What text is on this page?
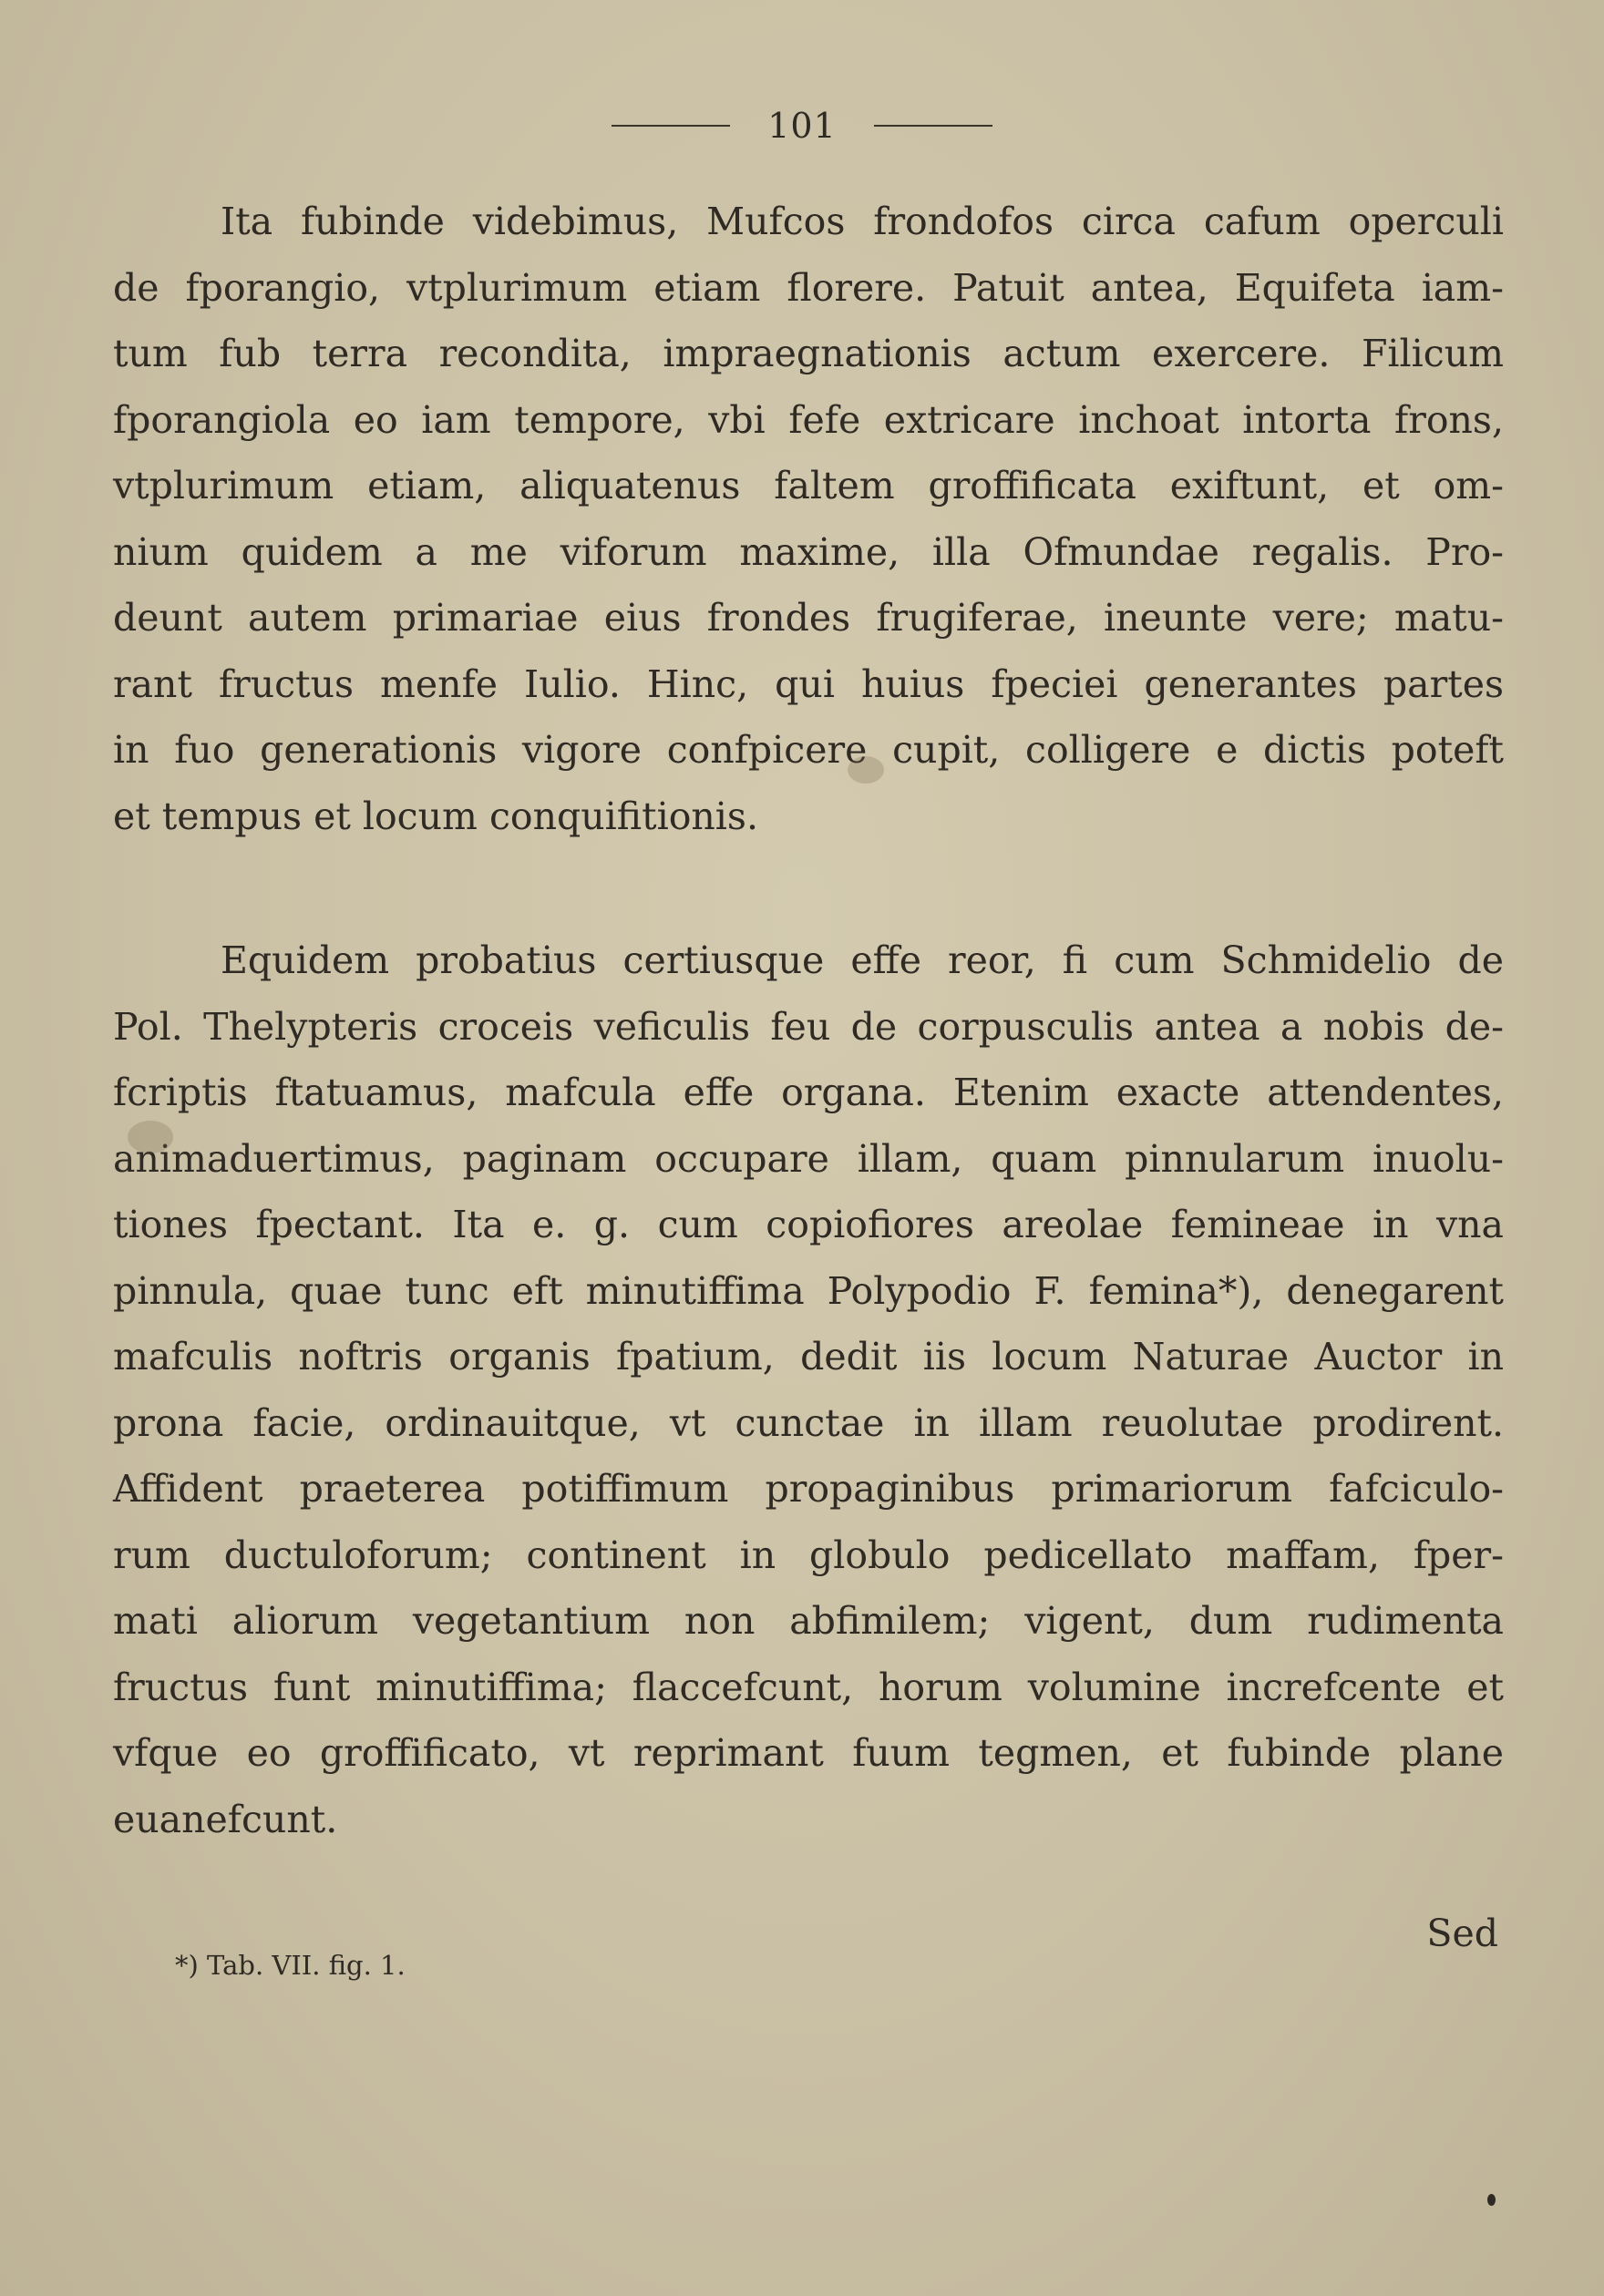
101
Ita fubinde videbimus, Mufcos frondofos circa cafum operculi
de fporangio, vtplurimum etiam florere. Patuit antea, Equifeta iam-
tum fub terra recondita, impraegnationis actum exercere. Filicum
fporangiola eo iam tempore, vbi fefe extricare inchoat intorta frons,
vtplurimum etiam, aliquatenus faltem groffificata exiftunt, et om-
nium quidem a me viforum maxime, illa Ofmundae regalis. Pro-
deunt autem primariae eius frondes frugiferae, ineunte vere; matu-
rant fructus menfe Iulio. Hinc, qui huius fpeciei generantes partes
in fuo generationis vigore confpicere cupit, colligere e dictis poteft
et tempus et locum conquifitionis.
Equidem probatius certiusque effe reor, fi cum Schmidelio de
Pol. Thelypteris croceis veficulis feu de corpusculis antea a nobis de-
fcriptis ftatuamus, mafcula effe organa. Etenim exacte attendentes,
animaduertimus, paginam occupare illam, quam pinnularum inuolu-
tiones fpectant. Ita e. g. cum copiofiores areolae femineae in vna
pinnula, quae tunc eft minutiffima Polypodio F. femina*), denegarent
mafculis noftris organis fpatium, dedit iis locum Naturae Auctor in
prona facie, ordinauitque, vt cunctae in illam reuolutae prodirent.
Affident praeterea potiffimum propaginibus primariorum fafciculo-
rum ductuloforum; continent in globulo pedicellato maffam, fper-
mati aliorum vegetantium non abfimilem; vigent, dum rudimenta
fructus funt minutiffima; flaccefcunt, horum volumine increfcente et
vfque eo groffificato, vt reprimant fuum tegmen, et fubinde plane
euanefcunt.
Sed
*) Tab. VII. fig. 1.
